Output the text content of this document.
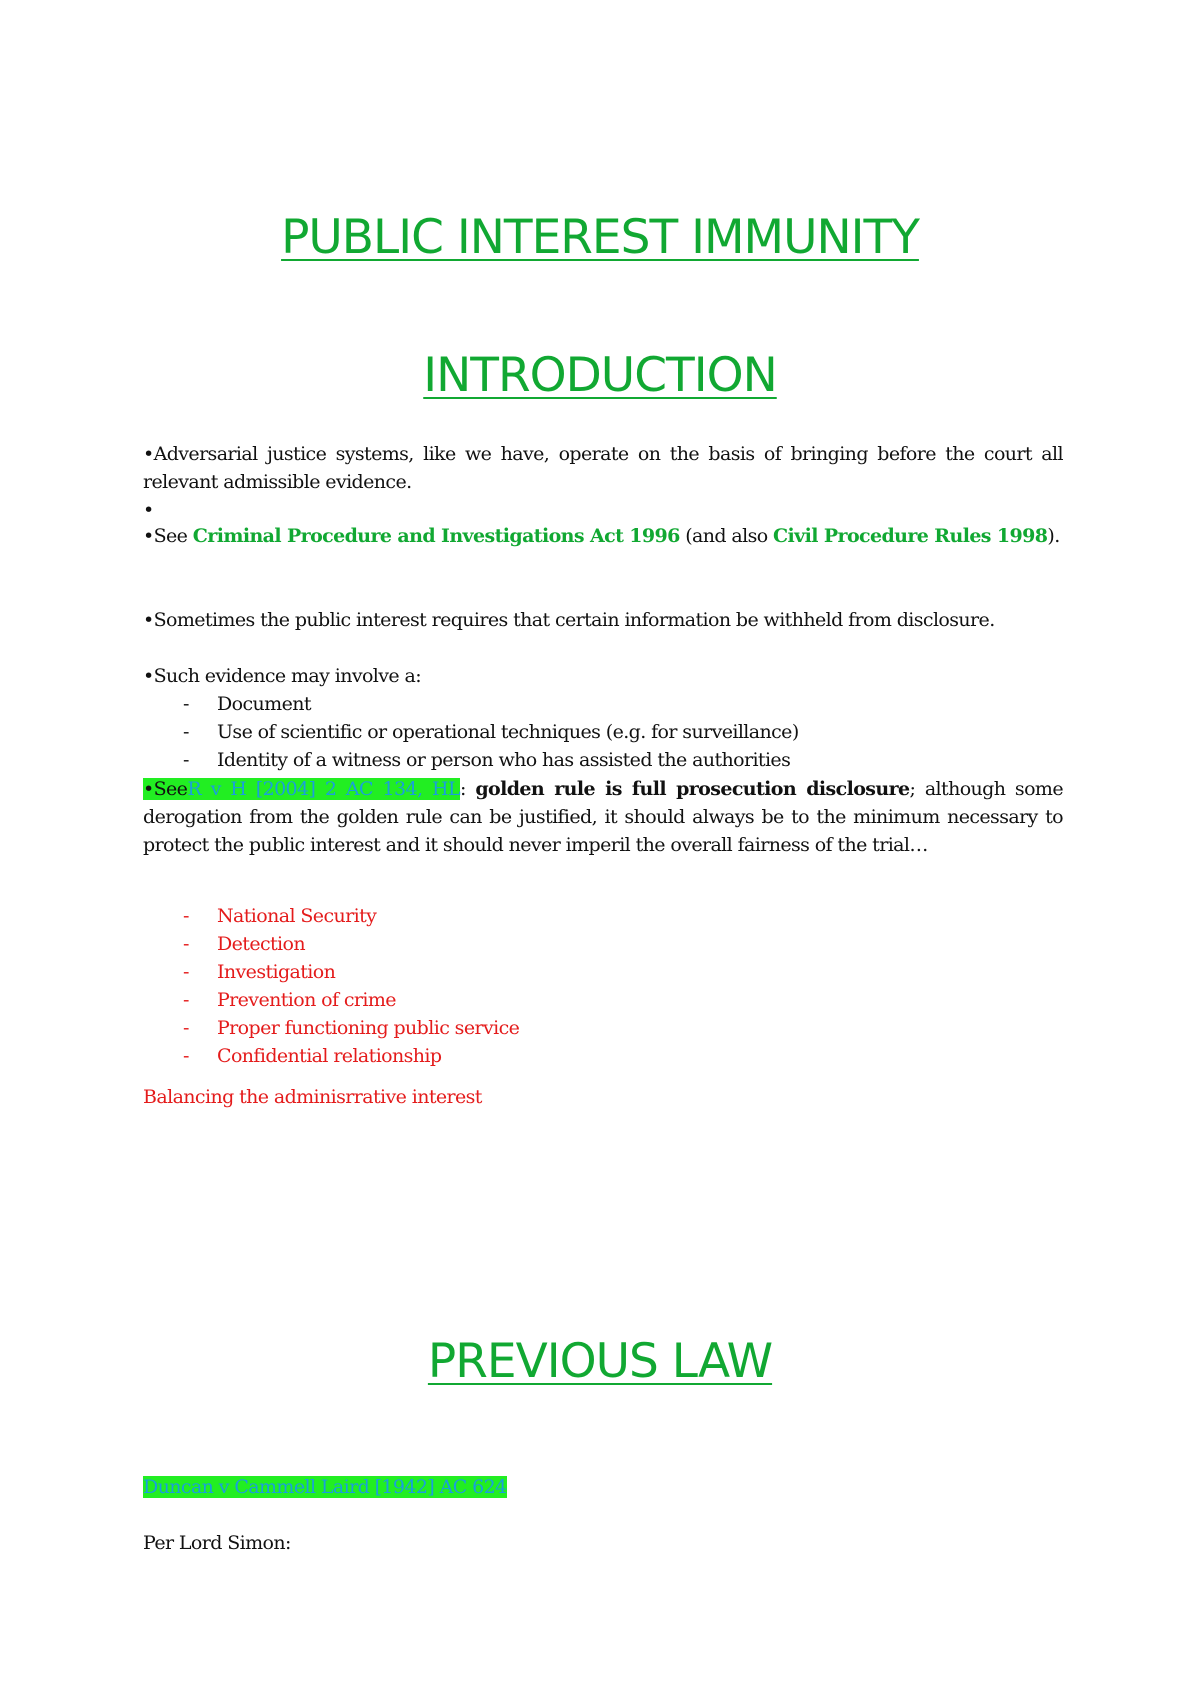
PUBLIC INTEREST IMMUNITY
INTRODUCTION

•Adversarial justice systems, like we have, operate on the basis of bringing before the court all relevant admissible evidence.

•

•See Criminal Procedure and Investigations Act 1996 (and also Civil Procedure Rules 1998).

•Sometimes the public interest requires that certain information be withheld from disclosure.

•Such evidence may involve a:
- Document
- Use of scientific or operational techniques (e.g. for surveillance)
- Identity of a witness or person who has assisted the authorities

•SeeR v H [2004] 2 AC 134, HL: golden rule is full prosecution disclosure; although some derogation from the golden rule can be justified, it should always be to the minimum necessary to protect the public interest and it should never imperil the overall fairness of the trial…

- National Security
- Detection
- Investigation
- Prevention of crime
- Proper functioning public service
- Confidential relationship

Balancing the adminisrrative interest

PREVIOUS LAW

Duncan v Cammell Laird [1942] AC 624

Per Lord Simon:
